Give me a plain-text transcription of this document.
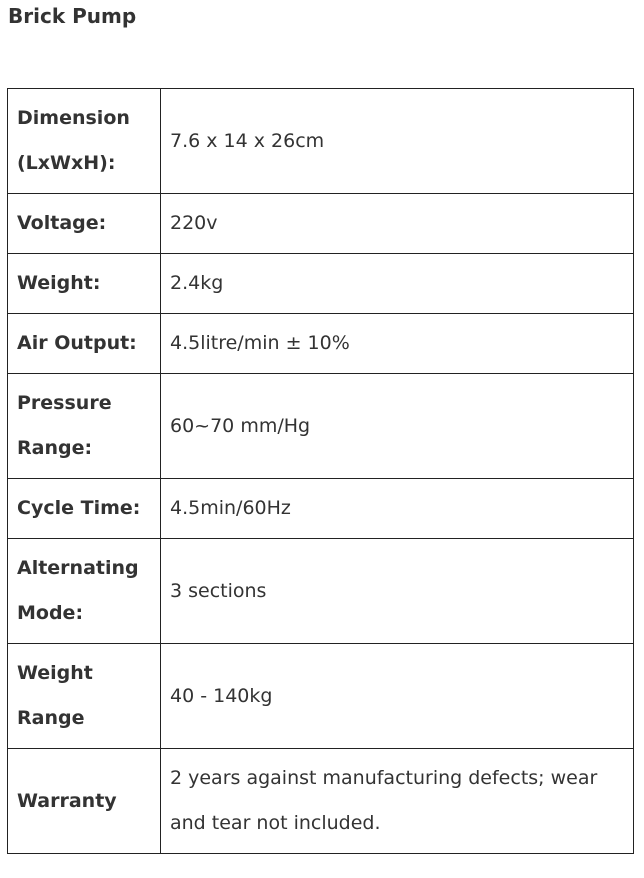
Brick Pump
Dimension (LxWxH):	7.6 x 14 x 26cm
Voltage:	220v
Weight:	2.4kg
Air Output:	4.5litre/min ± 10%
Pressure Range:	60~70 mm/Hg
Cycle Time:	4.5min/60Hz
Alternating Mode:	3 sections
Weight Range	40 - 140kg
Warranty	2 years against manufacturing defects; wear and tear not included.
